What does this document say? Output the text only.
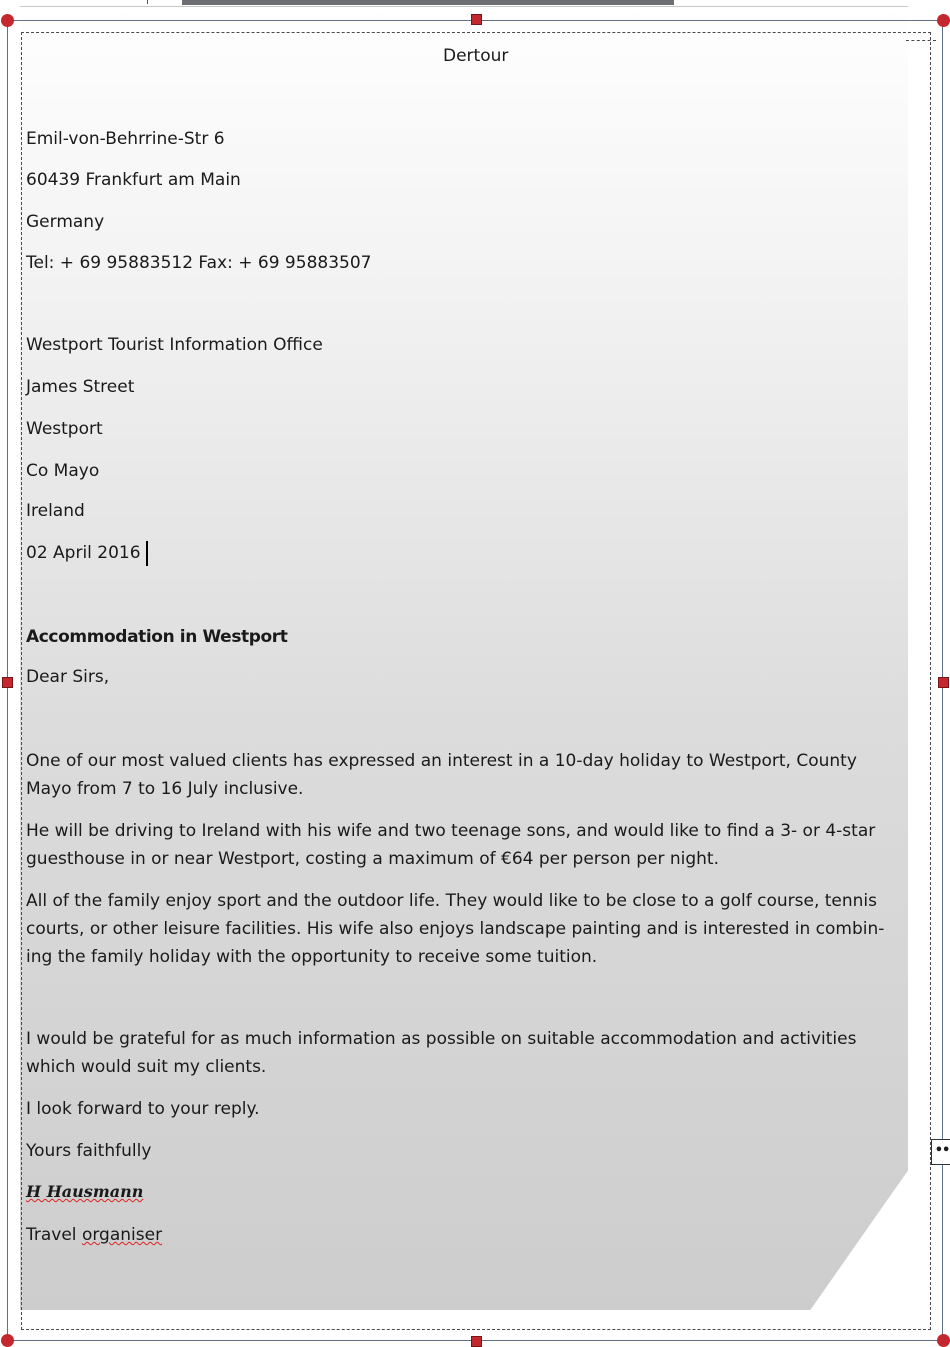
••
Dertour
Emil-von-Behrrine-Str 6
60439 Frankfurt am Main
Germany
Tel: + 69 95883512 Fax: + 69 95883507
Westport Tourist Information Office
James Street
Westport
Co Mayo
Ireland
02 April 2016
Accommodation in Westport
Dear Sirs,
One of our most valued clients has expressed an interest in a 10-day holiday to Westport, County Mayo from 7 to 16 July inclusive.
He will be driving to Ireland with his wife and two teenage sons, and would like to find a 3- or 4-star guesthouse in or near Westport, costing a maximum of €64 per person per night.
All of the family enjoy sport and the outdoor life. They would like to be close to a golf course, tennis courts, or other leisure facilities. His wife also enjoys landscape painting and is interested in combin-ing the family holiday with the opportunity to receive some tuition.
I would be grateful for as much information as possible on suitable accommodation and activities which would suit my clients.
I look forward to your reply.
Yours faithfully
H Hausmann
Travel organiser
